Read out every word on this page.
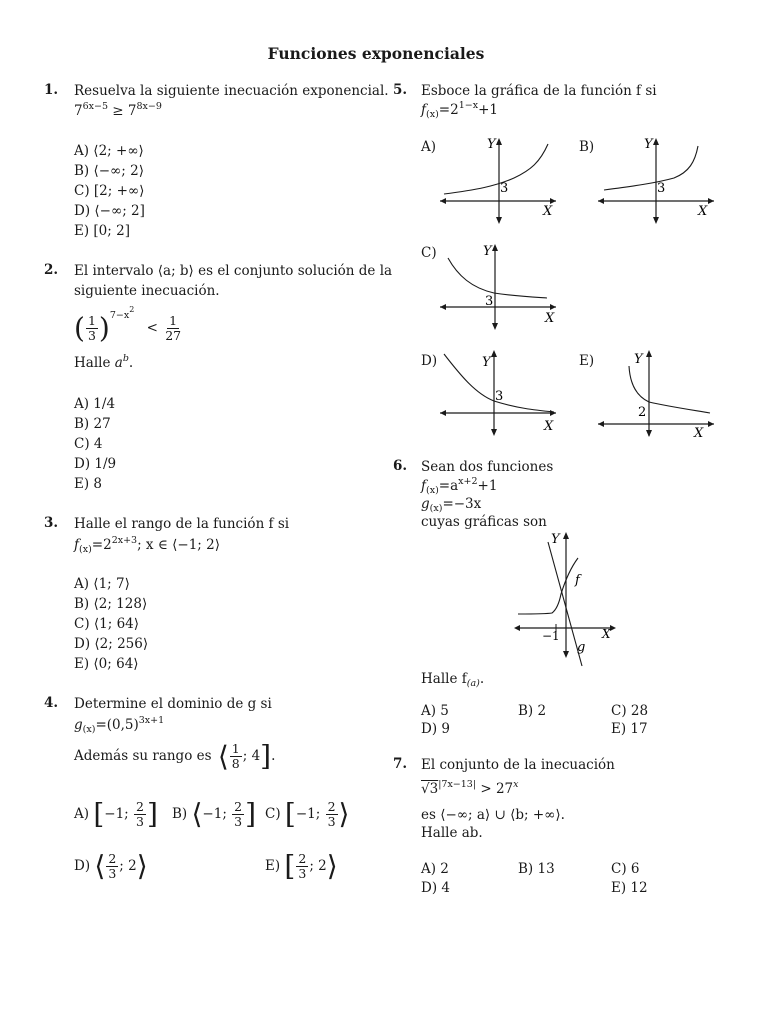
Funciones exponenciales
1. Resuelva la siguiente inecuación exponencial.
$7^{6x-5} \ge 7^{8x-9}$
A) ⟨2; +∞⟩
B) ⟨−∞; 2⟩
C) [2; +∞⟩
D) ⟨−∞; 2]
E) [0; 2]
2. El intervalo ⟨a; b⟩ es el conjunto solución de la
siguiente inecuación.
( $\frac{1}{3} )^{7-x^2} < \frac{1}{27}$
Halle $a^b$.
A) 1/4
B) 27
C) 4
D) 1/9
E) 8
3. Halle el rango de la función f si
$f_{(x)}=2^{2x+3}$; x ∈ ⟨−1; 2⟩
A) ⟨1; 7⟩
B) ⟨2; 128⟩
C) ⟨1; 64⟩
D) ⟨2; 256⟩
E) ⟨0; 64⟩
4. Determine el dominio de g si
$g_{(x)}=(0,5)^{3x+1}$
Además su rango es ⟨ $\frac{1}{8}$ ; 4].
A) [−1; $\frac{2}{3}$ ] B) ⟨−1; $\frac{2}{3}$ ] C) [−1; $\frac{2}{3}$ ⟩
D) ⟨ $\frac{2}{3}$ ; 2⟩	E) [ $\frac{2}{3}$ ; 2⟩
5. Esboce la gráfica de la función f si
$f_{(x)}=2^{1-x}+1$
A)
3
Y
X
B)
3
Y
X
C)
3
Y
X
D)
3
Y
X
E)
2
Y
X
6. Sean dos funciones
$f_{(x)}=a^{x+2}+1$
$g_{(x)}=-3x$
cuyas gráficas son
−1
Y
X
f
g
Halle $f_{(a)}$.
A) 5	B) 2	C) 28
D) 9	E) 17
7. El conjunto de la inecuación
$√3^{|7x-13|} > 27^x$
es ⟨−∞; a⟩ ∪ ⟨b; +∞⟩.
Halle ab.
A) 2	B) 13	C) 6
D) 4	E) 12
